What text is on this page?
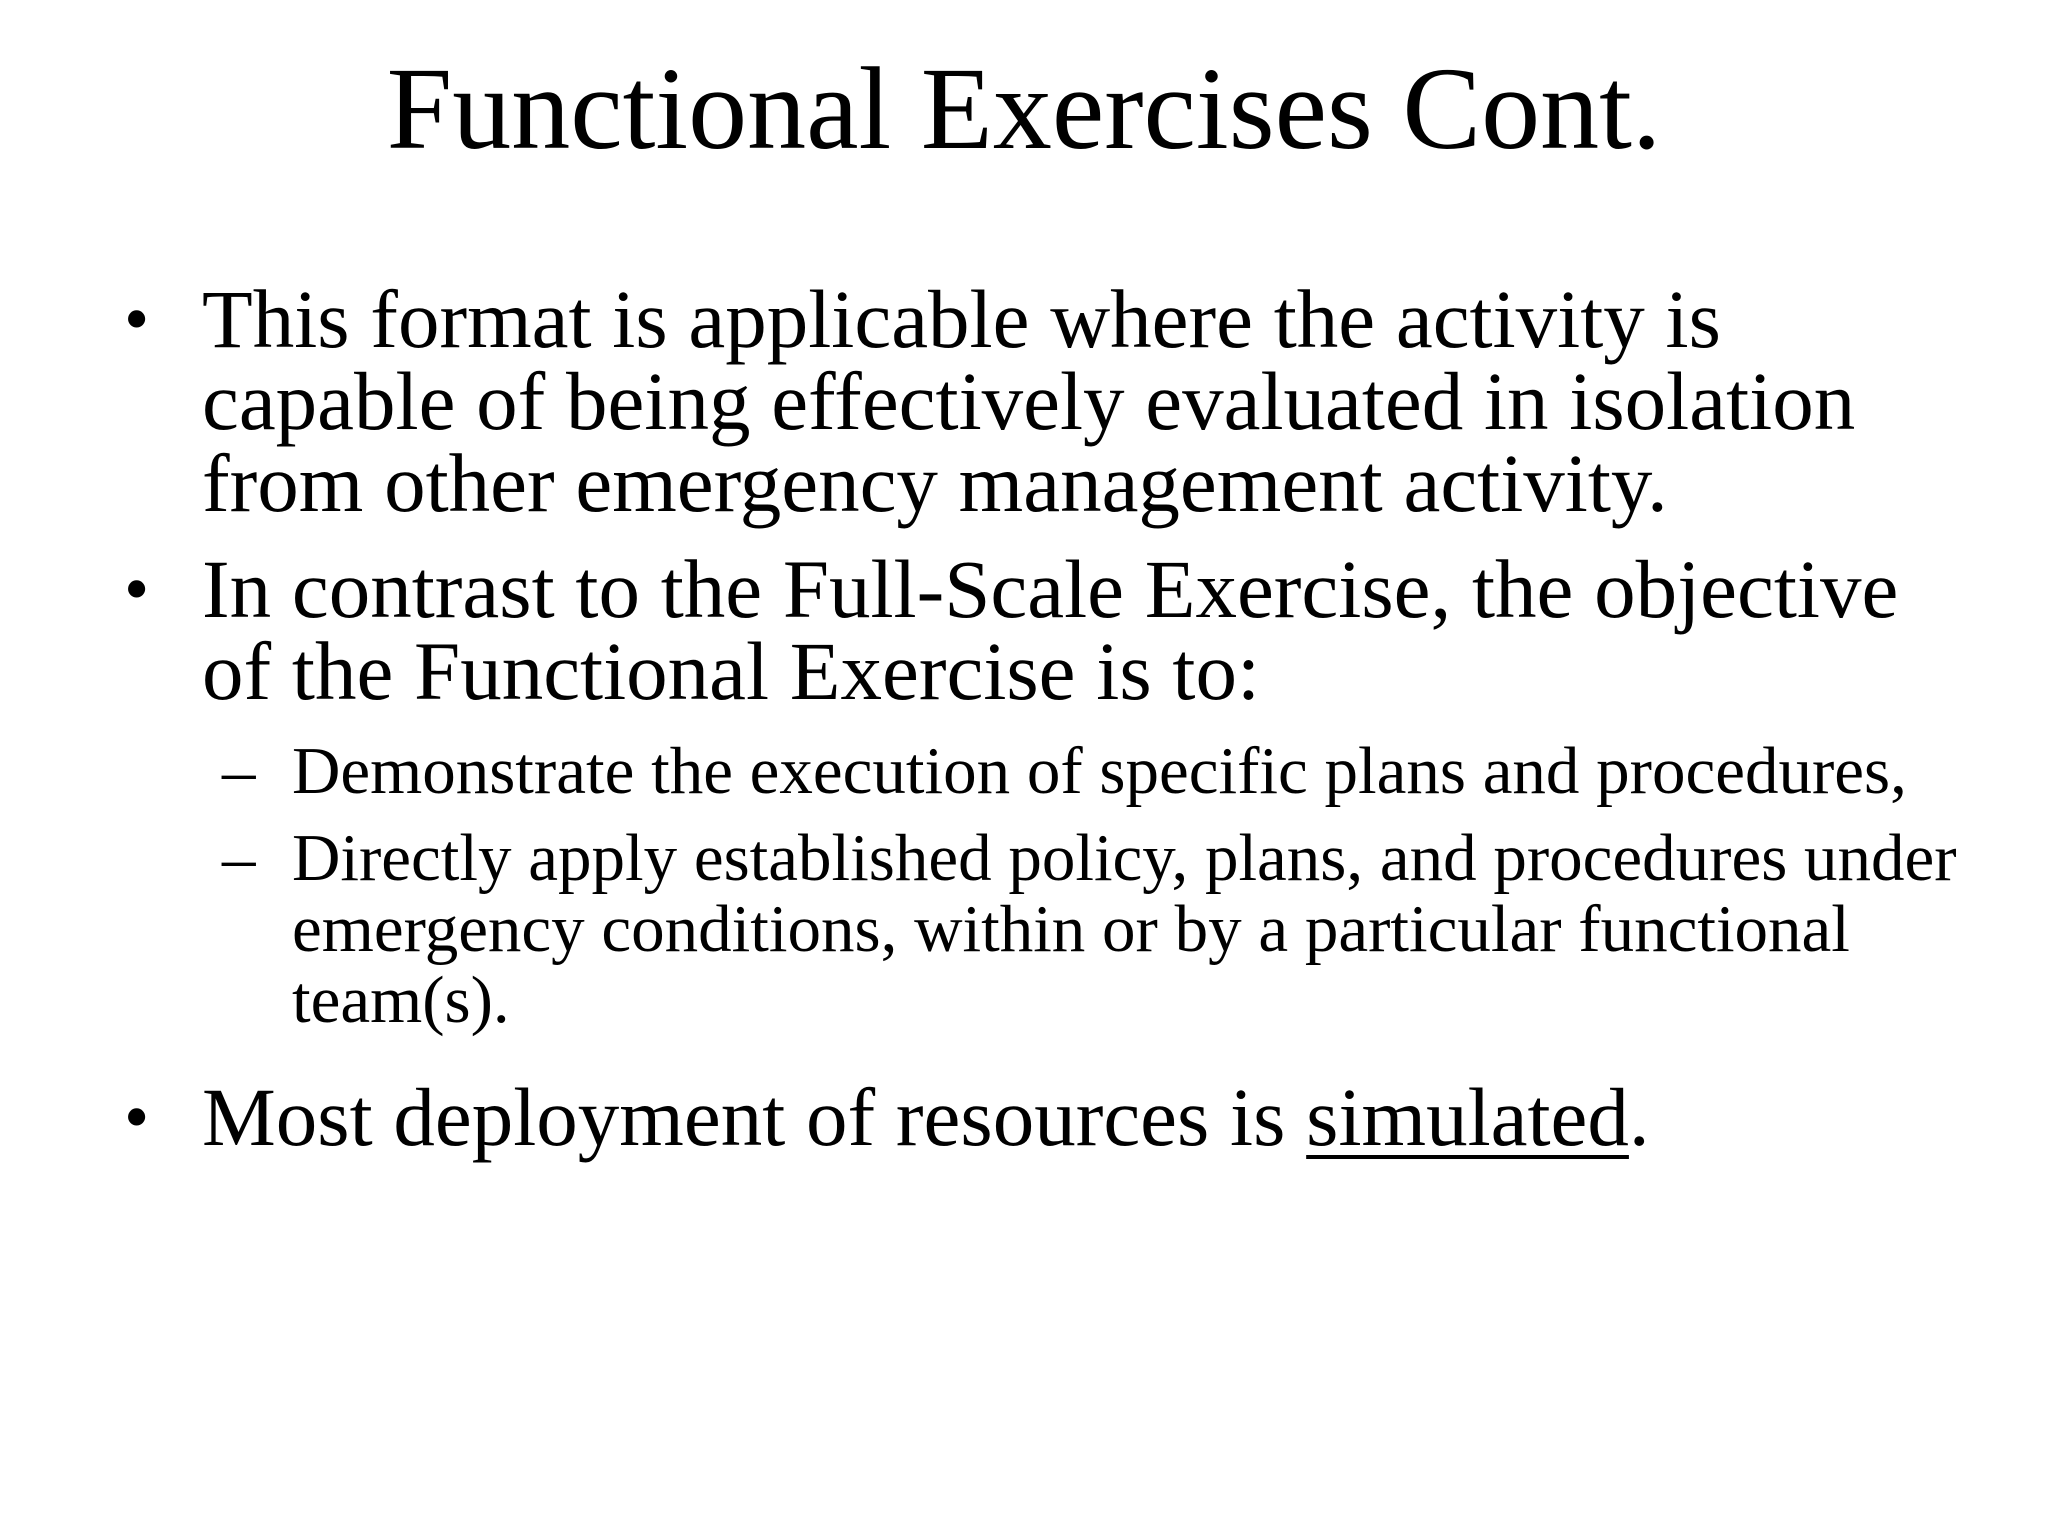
Functional Exercises Cont.
• This format is applicable where the activity is capable of being effectively evaluated in isolation from other emergency management activity.
• In contrast to the Full-Scale Exercise, the objective of the Functional Exercise is to:
– Demonstrate the execution of specific plans and procedures,
– Directly apply established policy, plans, and procedures under emergency conditions, within or by a particular functional team(s).
• Most deployment of resources is simulated.
